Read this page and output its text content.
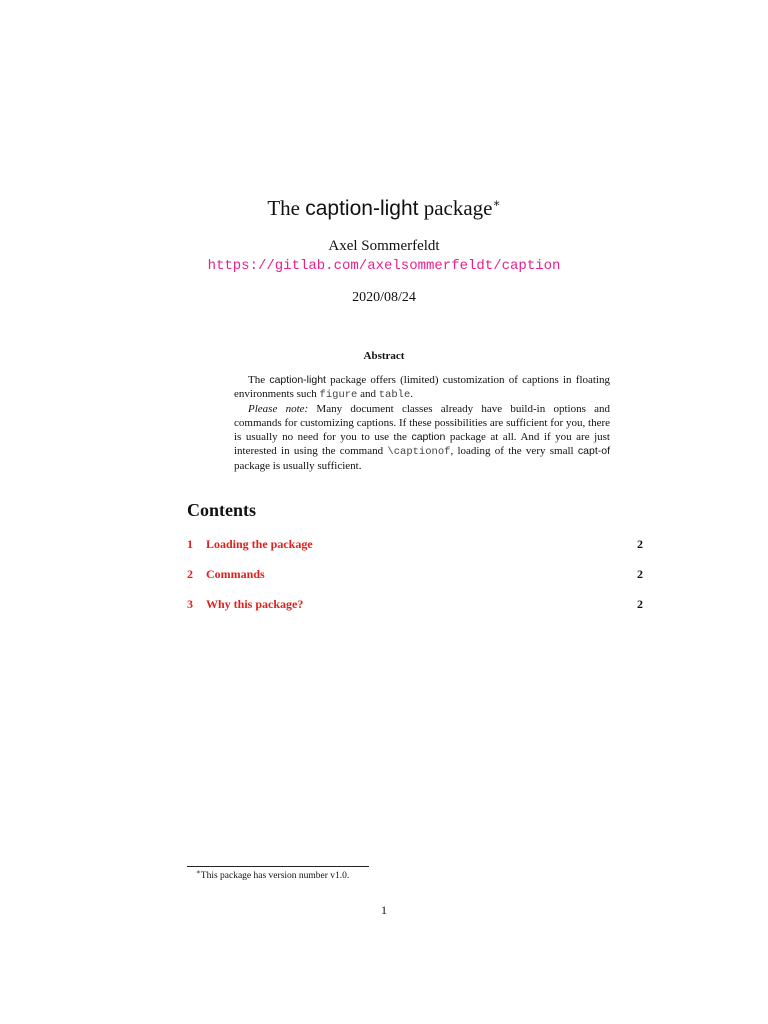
The caption-light package∗
Axel Sommerfeldt
https://gitlab.com/axelsommerfeldt/caption
2020/08/24
Abstract

The caption-light package offers (limited) customization of captions in floating environments such figure and table.

Please note: Many document classes already have build-in options and commands for customizing captions. If these possibilities are sufficient for you, there is usually no need for you to use the caption package at all. And if you are just interested in using the command \captionof, loading of the very small capt-of package is usually sufficient.

Contents
1 Loading the package	2
2 Commands	2
3 Why this package?	2
∗This package has version number v1.0.
1
